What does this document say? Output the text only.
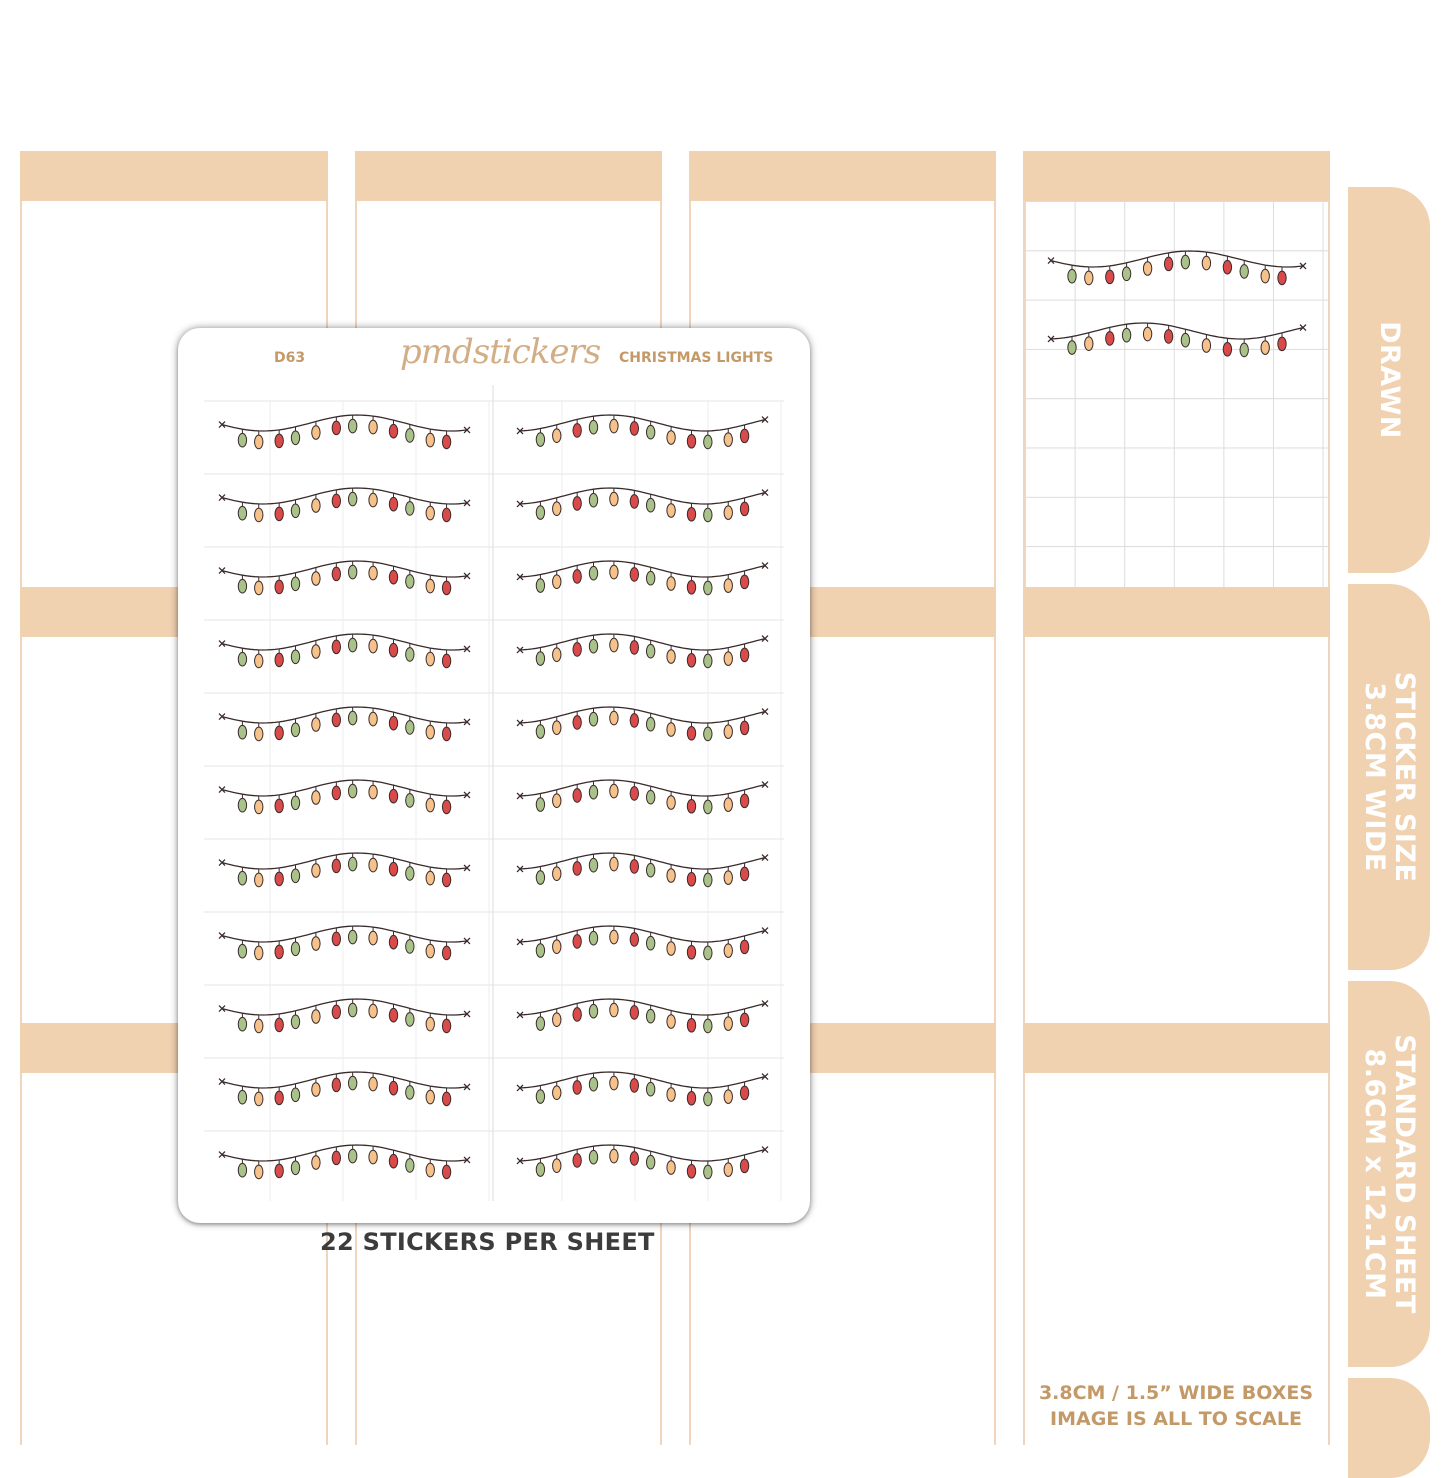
DRAWN
STICKER SIZE
3.8CM WIDE
STANDARD SHEET
8.6CM x 12.1CM
D63	pmdstickers CHRISTMAS LIGHTS
22 STICKERS PER SHEET
3.8CM / 1.5” WIDE BOXES
IMAGE IS ALL TO SCALE
